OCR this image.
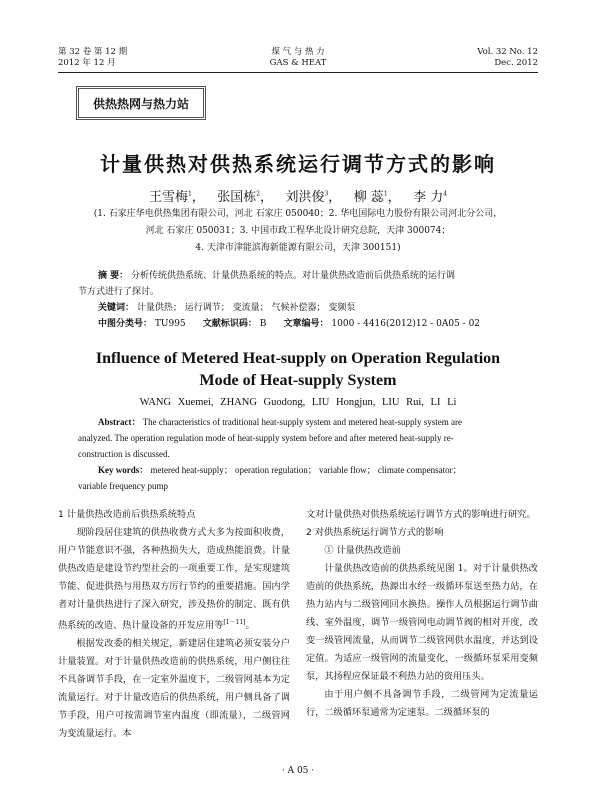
第 32 卷 第 12 期
2012 年 12 月
煤 气 与 热 力
GAS & HEAT
Vol. 32 No. 12
Dec. 2012
供热热网与热力站
计量供热对供热系统运行调节方式的影响
王雪梅$^1$，   张国栋$^2$，   刘洪俊$^3$，   柳 蕊$^1$，   李 力$^4$
(1. 石家庄华电供热集团有限公司，河北 石家庄 050040；2. 华电国际电力股份有限公司河北分公司，
河北 石家庄 050031；3. 中国市政工程华北设计研究总院，天津 300074；
4. 天津市津能滨海新能源有限公司，天津 300151)
摘 要： 分析传统供热系统、计量供热系统的特点。对计量供热改造前后供热系统的运行调
节方式进行了探讨。
关键词： 计量供热； 运行调节； 变流量； 气候补偿器； 变频泵
中图分类号： TU995 文献标识码： B 文章编号： 1000 - 4416(2012)12 - 0A05 - 02
Influence of Metered Heat-supply on Operation Regulation
Mode of Heat-supply System
WANG Xuemei, ZHANG Guodong, LIU Hongjun, LIU Rui, LI Li
Abstract： The characteristics of traditional heat-supply system and metered heat-supply system are
analyzed. The operation regulation mode of heat-supply system before and after metered heat-supply re-
construction is discussed.
Key words： metered heat-supply； operation regulation； variable flow； climate compensator；
variable frequency pump

1 计量供热改造前后供热系统特点

现阶段居住建筑的供热收费方式大多为按面积收费，用户节能意识不强，各种热损失大，造成热能浪费。计量供热改造是建设节约型社会的一项重要工作，是实现建筑节能、促进供热与用热双方厉行节约的重要措施。国内学者对计量供热进行了深入研究，涉及热价的制定、既有供热系统的改造、热计量设备的开发应用等[1－11]。

根据发改委的相关规定，新建居住建筑必须安装分户计量装置。对于计量供热改造前的供热系统，用户侧往往不具备调节手段，在一定室外温度下，二级管网基本为定流量运行。对于计量改造后的供热系统，用户侧具备了调节手段，用户可按需调节室内温度（即流量），二级管网为变流量运行。本

文对计量供热对供热系统运行调节方式的影响进行研究。

2 对供热系统运行调节方式的影响

① 计量供热改造前

计量供热改造前的供热系统见图 1。对于计量供热改造前的供热系统，热源出水经一级循环泵送至热力站，在热力站内与二级管网回水换热。操作人员根据运行调节曲线、室外温度，调节一级管网电动调节阀的相对开度，改变一级管网流量，从而调节二级管网供水温度，并达到设定值。为适应一级管网的流量变化，一级循环泵采用变频泵，其扬程应保证最不利热力站的资用压头。

由于用户侧不具备调节手段，二级管网为定流量运行，二级循环泵通常为定速泵。二级循环泵的

· A 05 ·
